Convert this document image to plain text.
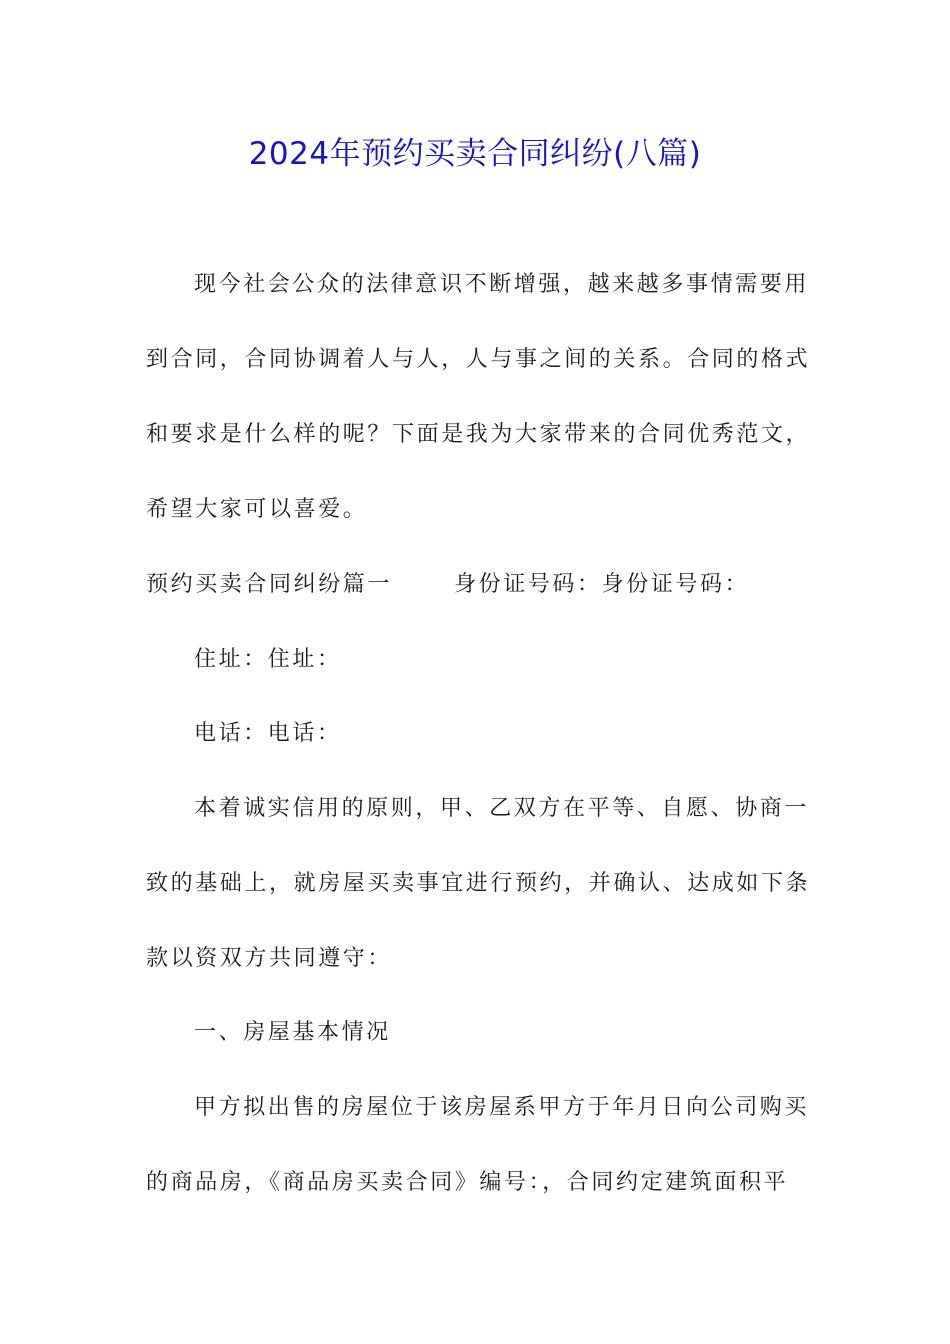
2024年预约买卖合同纠纷(八篇)
现今社会公众的法律意识不断增强，越来越多事情需要用
到合同，合同协调着人与人，人与事之间的关系。合同的格式
和要求是什么样的呢？下面是我为大家带来的合同优秀范文，
希望大家可以喜爱。
预约买卖合同纠纷篇一	身份证号码：身份证号码：
住址：住址：
电话：电话：
本着诚实信用的原则，甲、乙双方在平等、自愿、协商一
致的基础上，就房屋买卖事宜进行预约，并确认、达成如下条
款以资双方共同遵守：
一、房屋基本情况
甲方拟出售的房屋位于该房屋系甲方于年月日向公司购买
的商品房，《商品房买卖合同》编号：，合同约定建筑面积平
